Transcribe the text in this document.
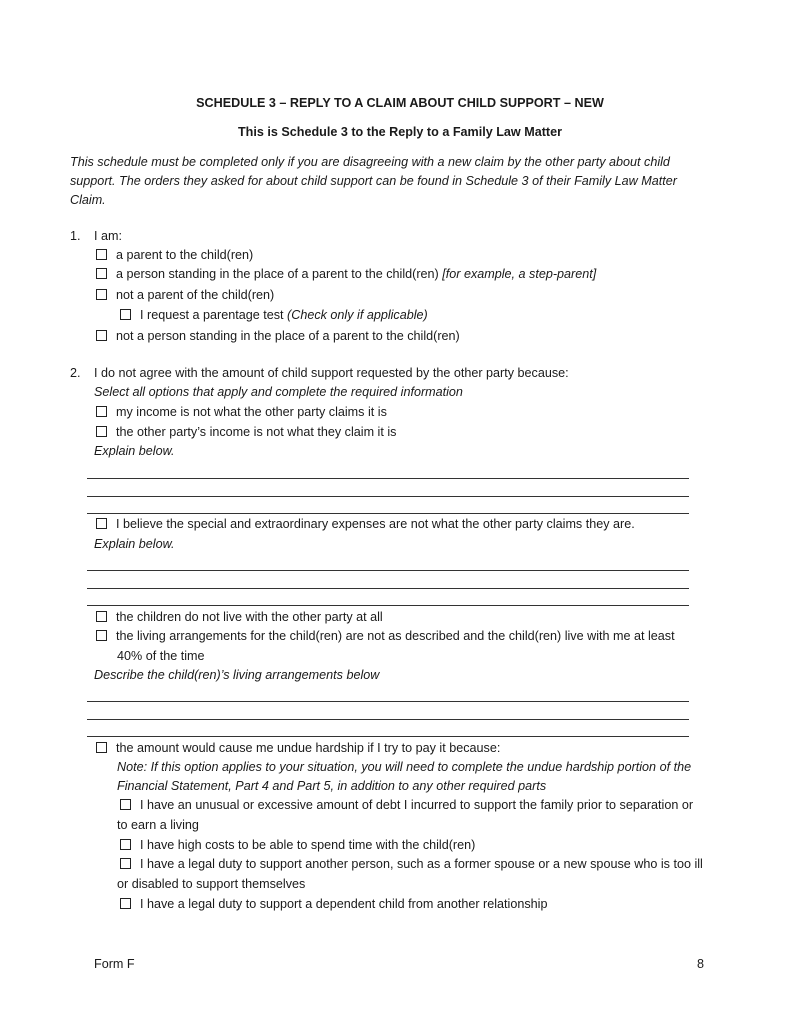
SCHEDULE 3 – REPLY TO A CLAIM ABOUT CHILD SUPPORT – NEW
This is Schedule 3 to the Reply to a Family Law Matter
This schedule must be completed only if you are disagreeing with a new claim by the other party about child
support. The orders they asked for about child support can be found in Schedule 3 of their Family Law Matter
Claim.
1. I am:
a parent to the child(ren)
a person standing in the place of a parent to the child(ren) [for example, a step-parent]
not a parent of the child(ren)
I request a parentage test (Check only if applicable)
not a person standing in the place of a parent to the child(ren)
2. I do not agree with the amount of child support requested by the other party because:
Select all options that apply and complete the required information
my income is not what the other party claims it is
the other party’s income is not what they claim it is
Explain below.
I believe the special and extraordinary expenses are not what the other party claims they are.
Explain below.
the children do not live with the other party at all
the living arrangements for the child(ren) are not as described and the child(ren) live with me at least
40% of the time
Describe the child(ren)’s living arrangements below
the amount would cause me undue hardship if I try to pay it because:
Note: If this option applies to your situation, you will need to complete the undue hardship portion of the
Financial Statement, Part 4 and Part 5, in addition to any other required parts
I have an unusual or excessive amount of debt I incurred to support the family prior to separation or
to earn a living
I have high costs to be able to spend time with the child(ren)
I have a legal duty to support another person, such as a former spouse or a new spouse who is too ill
or disabled to support themselves
I have a legal duty to support a dependent child from another relationship
Form F	8
